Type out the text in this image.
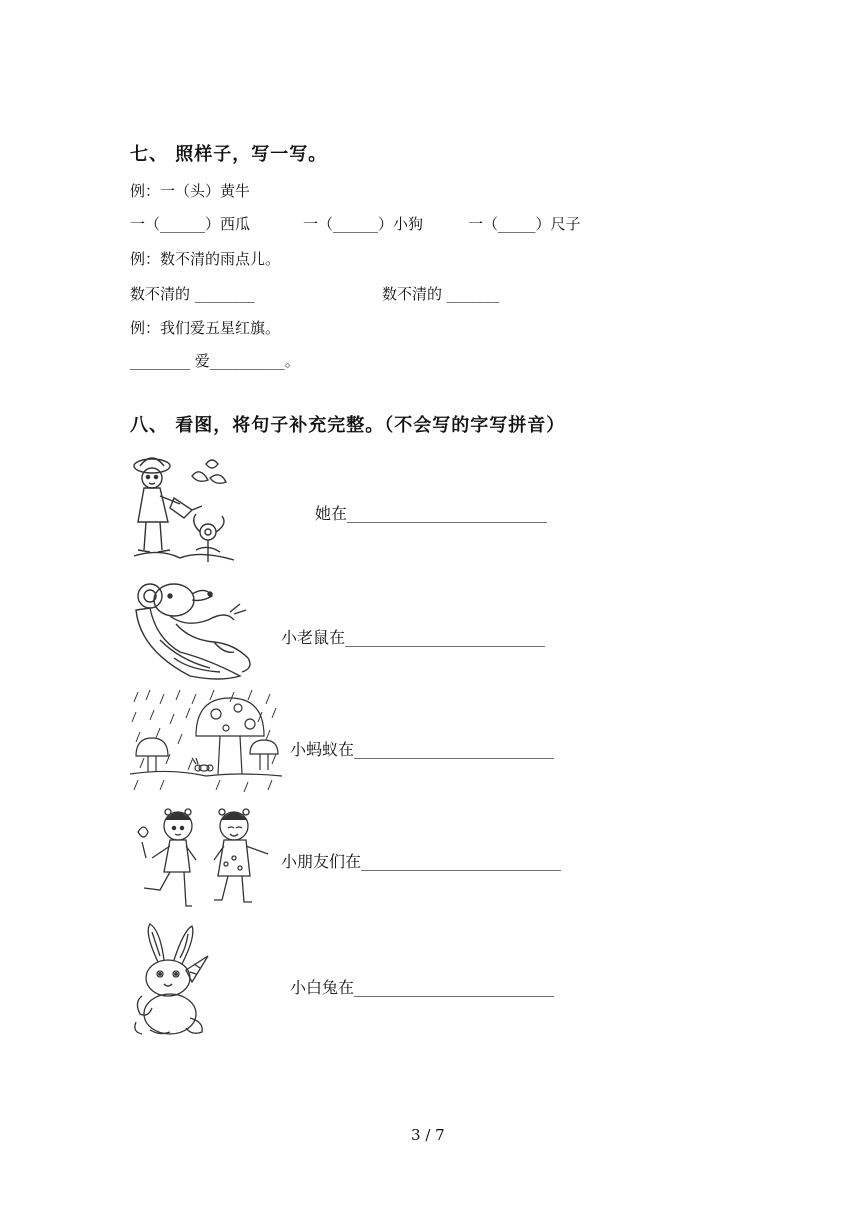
七、 照样子，写一写。
例：一（头）黄牛
一（______）西瓜	一（______）小狗	一（_____）尺子
例：数不清的雨点儿。
数不清的 ________	数不清的 _______
例：我们爱五星红旗。
________ 爱__________。
八、 看图，将句子补充完整。（不会写的字写拼音）
她在_________________________
小老鼠在_________________________
小蚂蚁在_________________________
小朋友们在_________________________
小白兔在_________________________
3 / 7
